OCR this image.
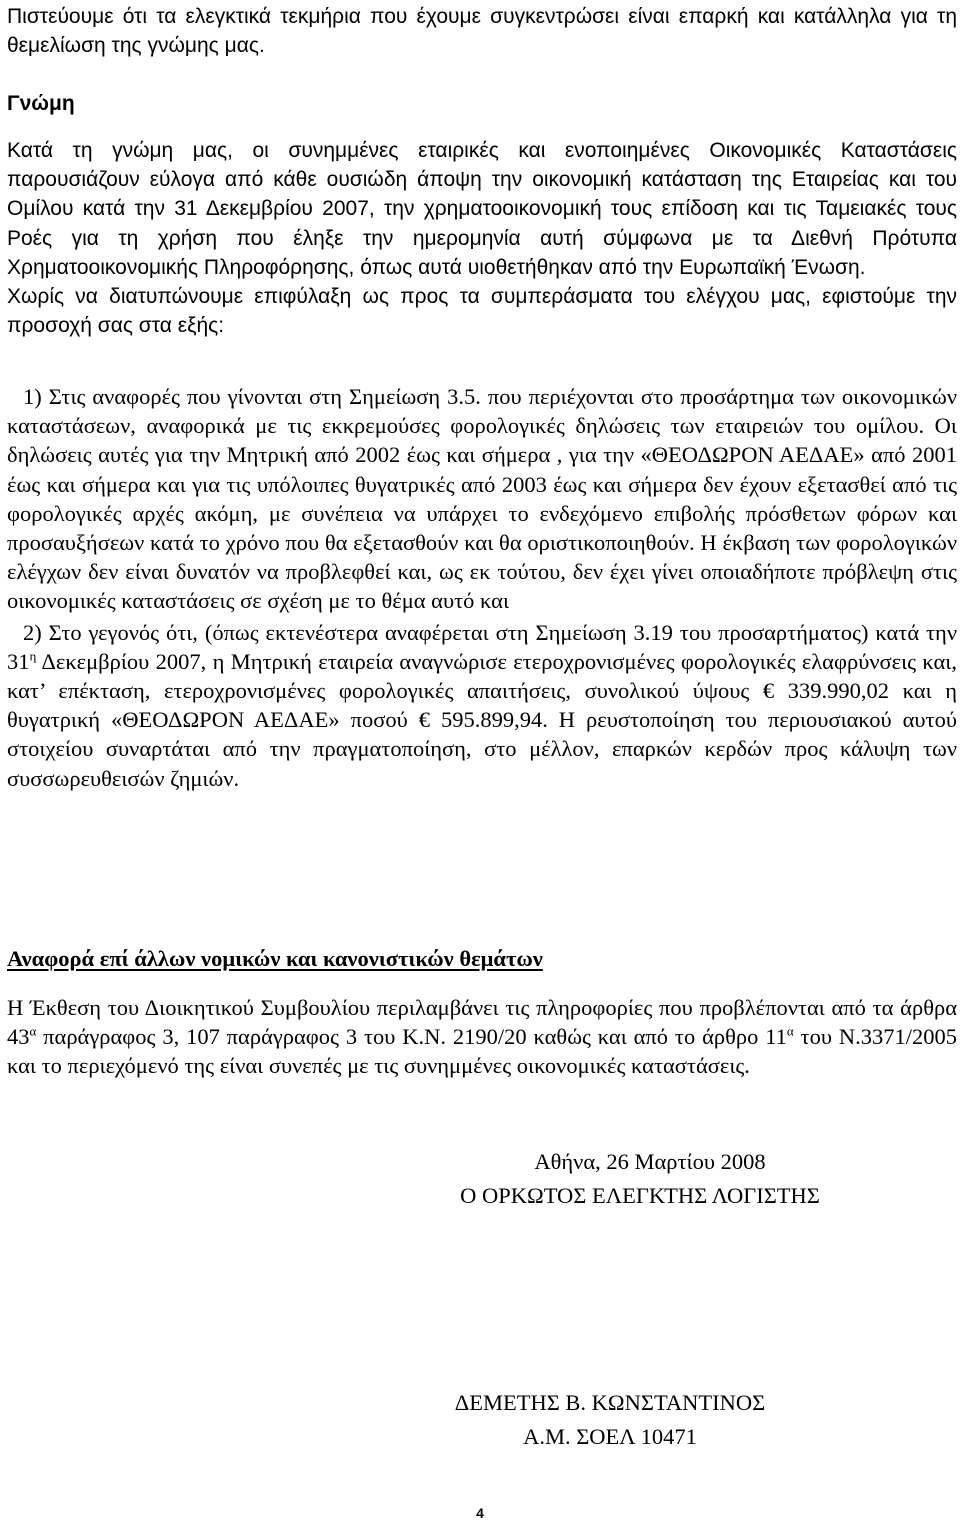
Πιστεύουμε ότι τα ελεγκτικά τεκμήρια που έχουμε συγκεντρώσει είναι επαρκή και κατάλληλα για τη θεμελίωση της γνώμης μας.

Γνώμη

Κατά τη γνώμη μας, οι συνημμένες εταιρικές και ενοποιημένες Οικονομικές Καταστάσεις παρουσιάζουν εύλογα από κάθε ουσιώδη άποψη την οικονομική κατάσταση της Εταιρείας και του Ομίλου κατά την 31 Δεκεμβρίου 2007, την χρηματοοικονομική τους επίδοση και τις Ταμειακές τους Ροές για τη χρήση που έληξε την ημερομηνία αυτή σύμφωνα με τα Διεθνή Πρότυπα Χρηματοοικονομικής Πληροφόρησης, όπως αυτά υιοθετήθηκαν από την Ευρωπαϊκή Ένωση.

Χωρίς να διατυπώνουμε επιφύλαξη ως προς τα συμπεράσματα του ελέγχου μας, εφιστούμε την προσοχή σας στα εξής:

1) Στις αναφορές που γίνονται στη Σημείωση 3.5. που περιέχονται στο προσάρτημα των οικονομικών καταστάσεων, αναφορικά με τις εκκρεμούσες φορολογικές δηλώσεις των εταιρειών του ομίλου. Οι δηλώσεις αυτές για την Μητρική από 2002 έως και σήμερα , για την «ΘΕΟΔΩΡΟΝ ΑΕΔΑΕ» από 2001 έως και σήμερα και για τις υπόλοιπες θυγατρικές από 2003 έως και σήμερα δεν έχουν εξετασθεί από τις φορολογικές αρχές ακόμη, με συνέπεια να υπάρχει το ενδεχόμενο επιβολής πρόσθετων φόρων και προσαυξήσεων κατά το χρόνο που θα εξετασθούν και θα οριστικοποιηθούν. Η έκβαση των φορολογικών ελέγχων δεν είναι δυνατόν να προβλεφθεί και, ως εκ τούτου, δεν έχει γίνει οποιαδήποτε πρόβλεψη στις οικονομικές καταστάσεις σε σχέση με το θέμα αυτό και

2) Στο γεγονός ότι, (όπως εκτενέστερα αναφέρεται στη Σημείωση 3.19 του προσαρτήματος) κατά την $31^\eta$ Δεκεμβρίου 2007, η Μητρική εταιρεία αναγνώρισε ετεροχρονισμένες φορολογικές ελαφρύνσεις και, κατ’ επέκταση, ετεροχρονισμένες φορολογικές απαιτήσεις, συνολικού ύψους € 339.990,02 και η θυγατρική «ΘΕΟΔΩΡΟΝ ΑΕΔΑΕ» ποσού € 595.899,94. Η ρευστοποίηση του περιουσιακού αυτού στοιχείου συναρτάται από την πραγματοποίηση, στο μέλλον, επαρκών κερδών προς κάλυψη των συσσωρευθεισών ζημιών.

Αναφορά επί άλλων νομικών και κανονιστικών θεμάτων

Η Έκθεση του Διοικητικού Συμβουλίου περιλαμβάνει τις πληροφορίες που προβλέπονται από τα άρθρα $43^\alpha$ παράγραφος 3, 107 παράγραφος 3 του Κ.Ν. 2190/20 καθώς και από το άρθρο $11^\alpha$ του Ν.3371/2005 και το περιεχόμενό της είναι συνεπές με τις συνημμένες οικονομικές καταστάσεις.

Αθήνα, 26 Μαρτίου 2008
Ο ΟΡΚΩΤΟΣ ΕΛΕΓΚΤΗΣ ΛΟΓΙΣΤΗΣ
ΔΕΜΕΤΗΣ Β. ΚΩΝΣΤΑΝΤΙΝΟΣ
Α.Μ. ΣΟΕΛ 10471
4
